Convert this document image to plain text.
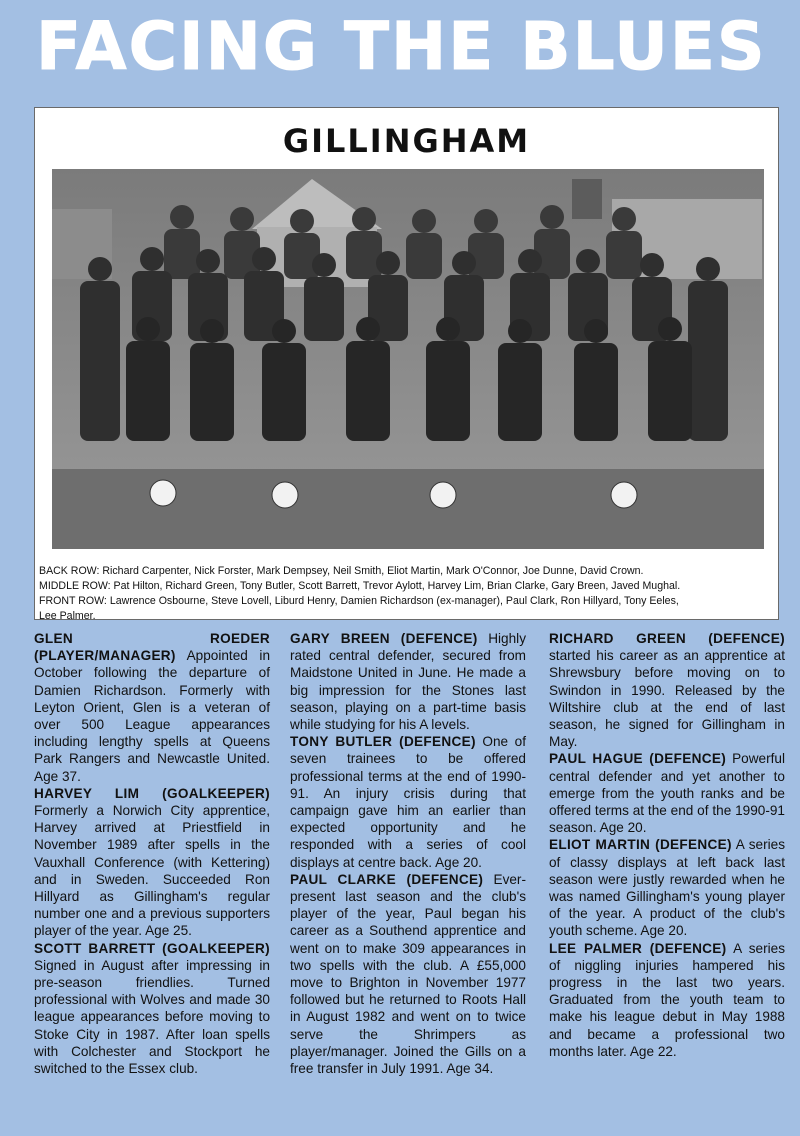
FACING THE BLUES
GILLINGHAM
BACK ROW: Richard Carpenter, Nick Forster, Mark Dempsey, Neil Smith, Eliot Martin, Mark O'Connor, Joe Dunne, David Crown.
MIDDLE ROW: Pat Hilton, Richard Green, Tony Butler, Scott Barrett, Trevor Aylott, Harvey Lim, Brian Clarke, Gary Breen, Javed Mughal.
FRONT ROW: Lawrence Osbourne, Steve Lovell, Liburd Henry, Damien Richardson (ex-manager), Paul Clark, Ron Hillyard, Tony Eeles,
Lee Palmer.

GLEN ROEDER (PLAYER/MANAGER) Appointed in October following the departure of Damien Richardson. Formerly with Leyton Orient, Glen is a veteran of over 500 League appearances including lengthy spells at Queens Park Rangers and Newcastle United. Age 37.

HARVEY LIM (GOALKEEPER) Formerly a Norwich City apprentice, Harvey arrived at Priestfield in November 1989 after spells in the Vauxhall Conference (with Kettering) and in Sweden. Succeeded Ron Hillyard as Gillingham's regular number one and a previous supporters player of the year. Age 25.

SCOTT BARRETT (GOALKEEPER) Signed in August after impressing in pre-season friendlies. Turned professional with Wolves and made 30 league appearances before moving to Stoke City in 1987. After loan spells with Colchester and Stockport he switched to the Essex club.

GARY BREEN (DEFENCE) Highly rated central defender, secured from Maidstone United in June. He made a big impression for the Stones last season, playing on a part-time basis while studying for his A levels.

TONY BUTLER (DEFENCE) One of seven trainees to be offered professional terms at the end of 1990-91. An injury crisis during that campaign gave him an earlier than expected opportunity and he responded with a series of cool displays at centre back. Age 20.

PAUL CLARKE (DEFENCE) Ever-present last season and the club's player of the year, Paul began his career as a Southend apprentice and went on to make 309 appearances in two spells with the club. A £55,000 move to Brighton in November 1977 followed but he returned to Roots Hall in August 1982 and went on to twice serve the Shrimpers as player/manager. Joined the Gills on a free transfer in July 1991. Age 34.

RICHARD GREEN (DEFENCE) started his career as an apprentice at Shrewsbury before moving on to Swindon in 1990. Released by the Wiltshire club at the end of last season, he signed for Gillingham in May.

PAUL HAGUE (DEFENCE) Powerful central defender and yet another to emerge from the youth ranks and be offered terms at the end of the 1990-91 season. Age 20.

ELIOT MARTIN (DEFENCE) A series of classy displays at left back last season were justly rewarded when he was named Gillingham's young player of the year. A product of the club's youth scheme. Age 20.

LEE PALMER (DEFENCE) A series of niggling injuries hampered his progress in the last two years. Graduated from the youth team to make his league debut in May 1988 and became a professional two months later. Age 22.
